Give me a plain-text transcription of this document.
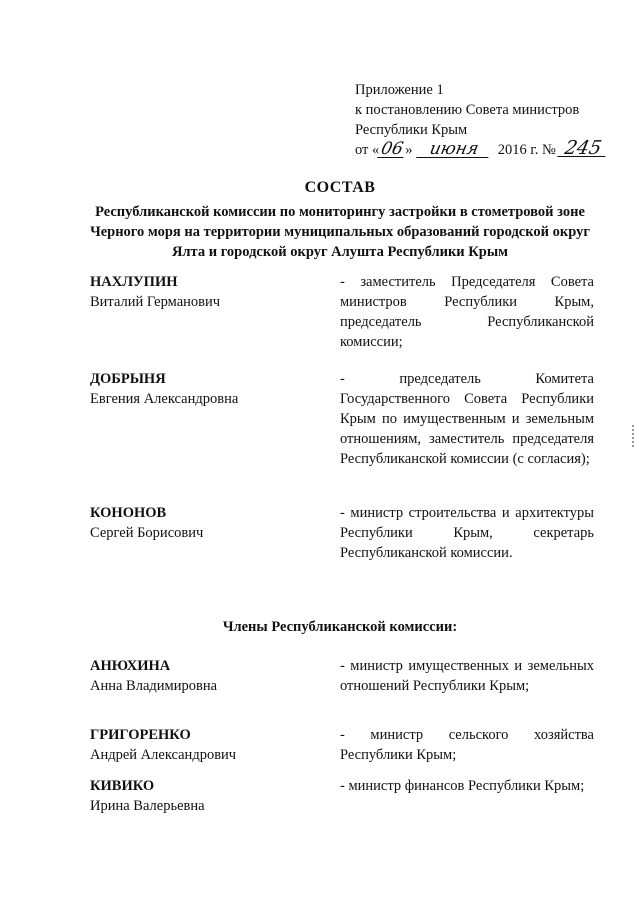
Приложение 1
к постановлению Совета министров
Республики Крым
от «06» июня 2016 г. № 245
СОСТАВ
Республиканской комиссии по мониторингу застройки в стометровой зоне Черного моря на территории муниципальных образований городской округ Ялта и городской округ Алушта Республики Крым
НАХЛУПИН
Виталий Германович
- заместитель Председателя Совета министров Республики Крым, председатель Республиканской комиссии;
ДОБРЫНЯ
Евгения Александровна
- председатель Комитета Государственного Совета Республики Крым по имущественным и земельным отношениям, заместитель председателя Республиканской комиссии (с согласия);
КОНОНОВ
Сергей Борисович
- министр строительства и архитектуры Республики Крым, секретарь Республиканской комиссии.
Члены Республиканской комиссии:
АНЮХИНА
Анна Владимировна
- министр имущественных и земельных отношений Республики Крым;
ГРИГОРЕНКО
Андрей Александрович
- министр сельского хозяйства Республики Крым;
КИВИКО
Ирина Валерьевна
- министр финансов Республики Крым;
